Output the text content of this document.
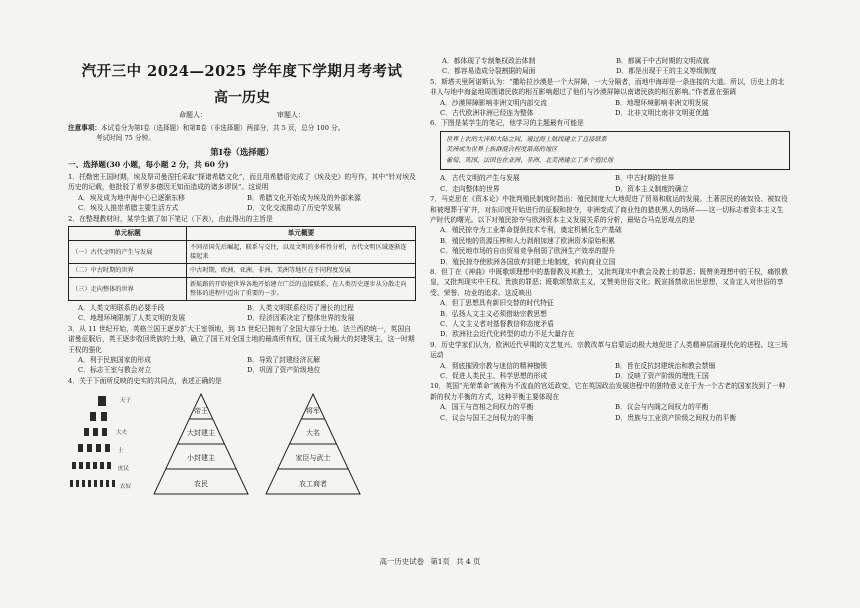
汽开三中 2024—2025 学年度下学期月考考试
高一历史
命题人：	审题人：
注意事项：本试卷分为第Ⅰ卷（选择题）和第Ⅱ卷（非选择题）两部分，共 5 页，总分 100 分。
考试时间 75 分钟。
第Ⅰ卷（选择题）
一、选择题(30 小题，每小题 2 分，共 60 分)
1．托勒密王国时期，埃及祭司曼涅托采取“探诸希腊文化”，而且用希腊语完成了《埃及史》的写作，其中“针对埃及历史的记载，他批驳了希罗多德因无知而造成的诸多谬误”。这说明
A．埃及成为地中海中心已逐渐东移	B．希腊文化开始成为埃及的外部来源
C．埃及人推崇希腊主要生活方式	D．文化交流推动了历史学发展
2．在整理教材时，某学生做了如下笔记（下表），由此得出的主旨是
单元标题	单元概要
（一）古代文明的产生与发展	不同帝国先后崛起，联系与交往，以及文明的多样性分析，古代文明区域逐渐连接起来
（二）中古时期的世界	中古时期，欧洲、亚洲、非洲、美洲等地区在不同程度发展
（三）走向整体的世界	新航路的开辟使世界各地开始建立广泛的直接联系，在人类历史逐步从分散走向整体的进程中迈出了重要的一步。
A．人类文明联系的必要手段	B．人类文明联系经历了漫长的过程
C．地理环境限制了人类文明的发展	D．经济因素决定了整体世界的发展
3．从 11 世纪开始，英格兰国王逐步扩大王室领地，到 15 世纪已拥有了全国大部分土地。法兰西的统一，英国自诺曼征服后，英王逐步收回贵族的土地，确立了国王对全国土地的最高所有权，国王成为最大的封建领主，这一时期王权的强化
A．利于民族国家的形成	B．导致了封建经济瓦解
C．标志王室与教会对立	D．巩固了资产阶级地位
4．关于下面所反映的史实的共同点，表述正确的是
天子
大夫
士
庶民
农奴
帝王
大封建主
小封建主
农民
将军
大名
家臣与武士
农工商者
A．都体现了专制集权政治体制	B．都属于中古时期的文明成就
C．都容易造成分裂割据的局面	D．都是出现于王的主义等级制度
5．斯塔夫里阿诺斯认为：“撒哈拉沙漠是一个大屏障，一大分隔者，而地中海却是一条连接的大道。所以，历史上的北非人与地中海盆地周围诸民族的相互影响超过了他们与沙漠屏障以南诸民族的相互影响。”作者意在强调
A．沙漠屏障影响非洲文明内部交流	B．地理环境影响非洲文明发展
C．古代欧洲非洲已经连为整体	D．北非文明比南非文明更优越
6．下图是某学生的笔记，他学习的主题最有可能是
世界上农的大洋和大陆之间，通过海上航线建立了直接联系
美洲成为世界上族群混合程度最高的地区
葡萄、英国、法国也在亚洲、非洲、北美洲建立了多个殖民地
A．古代文明的产生与发展	B．中古时期的世界
C．走向整体的世界	D．资本主义制度的确立
7．马克思在《资本论》中批判殖民制度时指出：殖民制度大大地促进了贸易和航运的发展。土著居民的被奴役、被奴役和被埋葬于矿井，对东印度开始进行的征服和掠夺，非洲变成了商业性的猎获黑人的场所——这一切标志着资本主义生产时代的曙光。以下对殖民掠夺与欧洲资本主义发展关系的分析，最贴合马克思观点的是
A．殖民掠夺为工业革命提供技术专利，奠定机械化生产基础
B．殖民地的资源压榨和人力剥削加速了欧洲资本原始积累
C．殖民地市场的自由贸易竞争削弱了欧洲生产效率的提升
D．殖民掠夺使欧洲各国放弃封建土地制度，转向商业立国
8．但丁在《神曲》中既歌颂理想中的基督教及其教士，又批判现实中教会及教士的罪恶；既赞美理想中的王权，痛恨教皇，又批判现实中王权、贵族的罪恶；既歌颂禁欲主义，又赞美世俗文化；既宣扬禁欲出世思想，又肯定人对世俗的享受、荣誉、功业的追求。这反映出
A．但丁思想具有新旧交替的时代特征
B．弘扬人文主义必须借助宗教思想
C．人文主义者对基督教信仰态度矛盾
D．欧洲社会近代化转型的动力不足大量存在
9．历史学家们认为，欧洲近代早期的文艺复兴、宗教改革与启蒙运动极大地促进了人类精神层面现代化的进程。这三场运动
A．彻底摧毁宗教与迷信的精神枷锁	B．旨在反抗封建统治和教会禁锢
C．促进人类民主、科学思想的形成	D．反映了资产阶级的理性王国
10．英国“光荣革命”被称为不流血的宫廷政变，它在英国政治发展进程中的独特意义在于为一个古老的国家找到了一种新的权力平衡的方式，这种平衡主要体现在
A．国王与首相之间权力的平衡	B．议会与内阁之间权力的平衡
C．议会与国王之间权力的平衡	D．贵族与工业资产阶级之间权力的平衡
高一历史试卷 第1页 共 4 页
